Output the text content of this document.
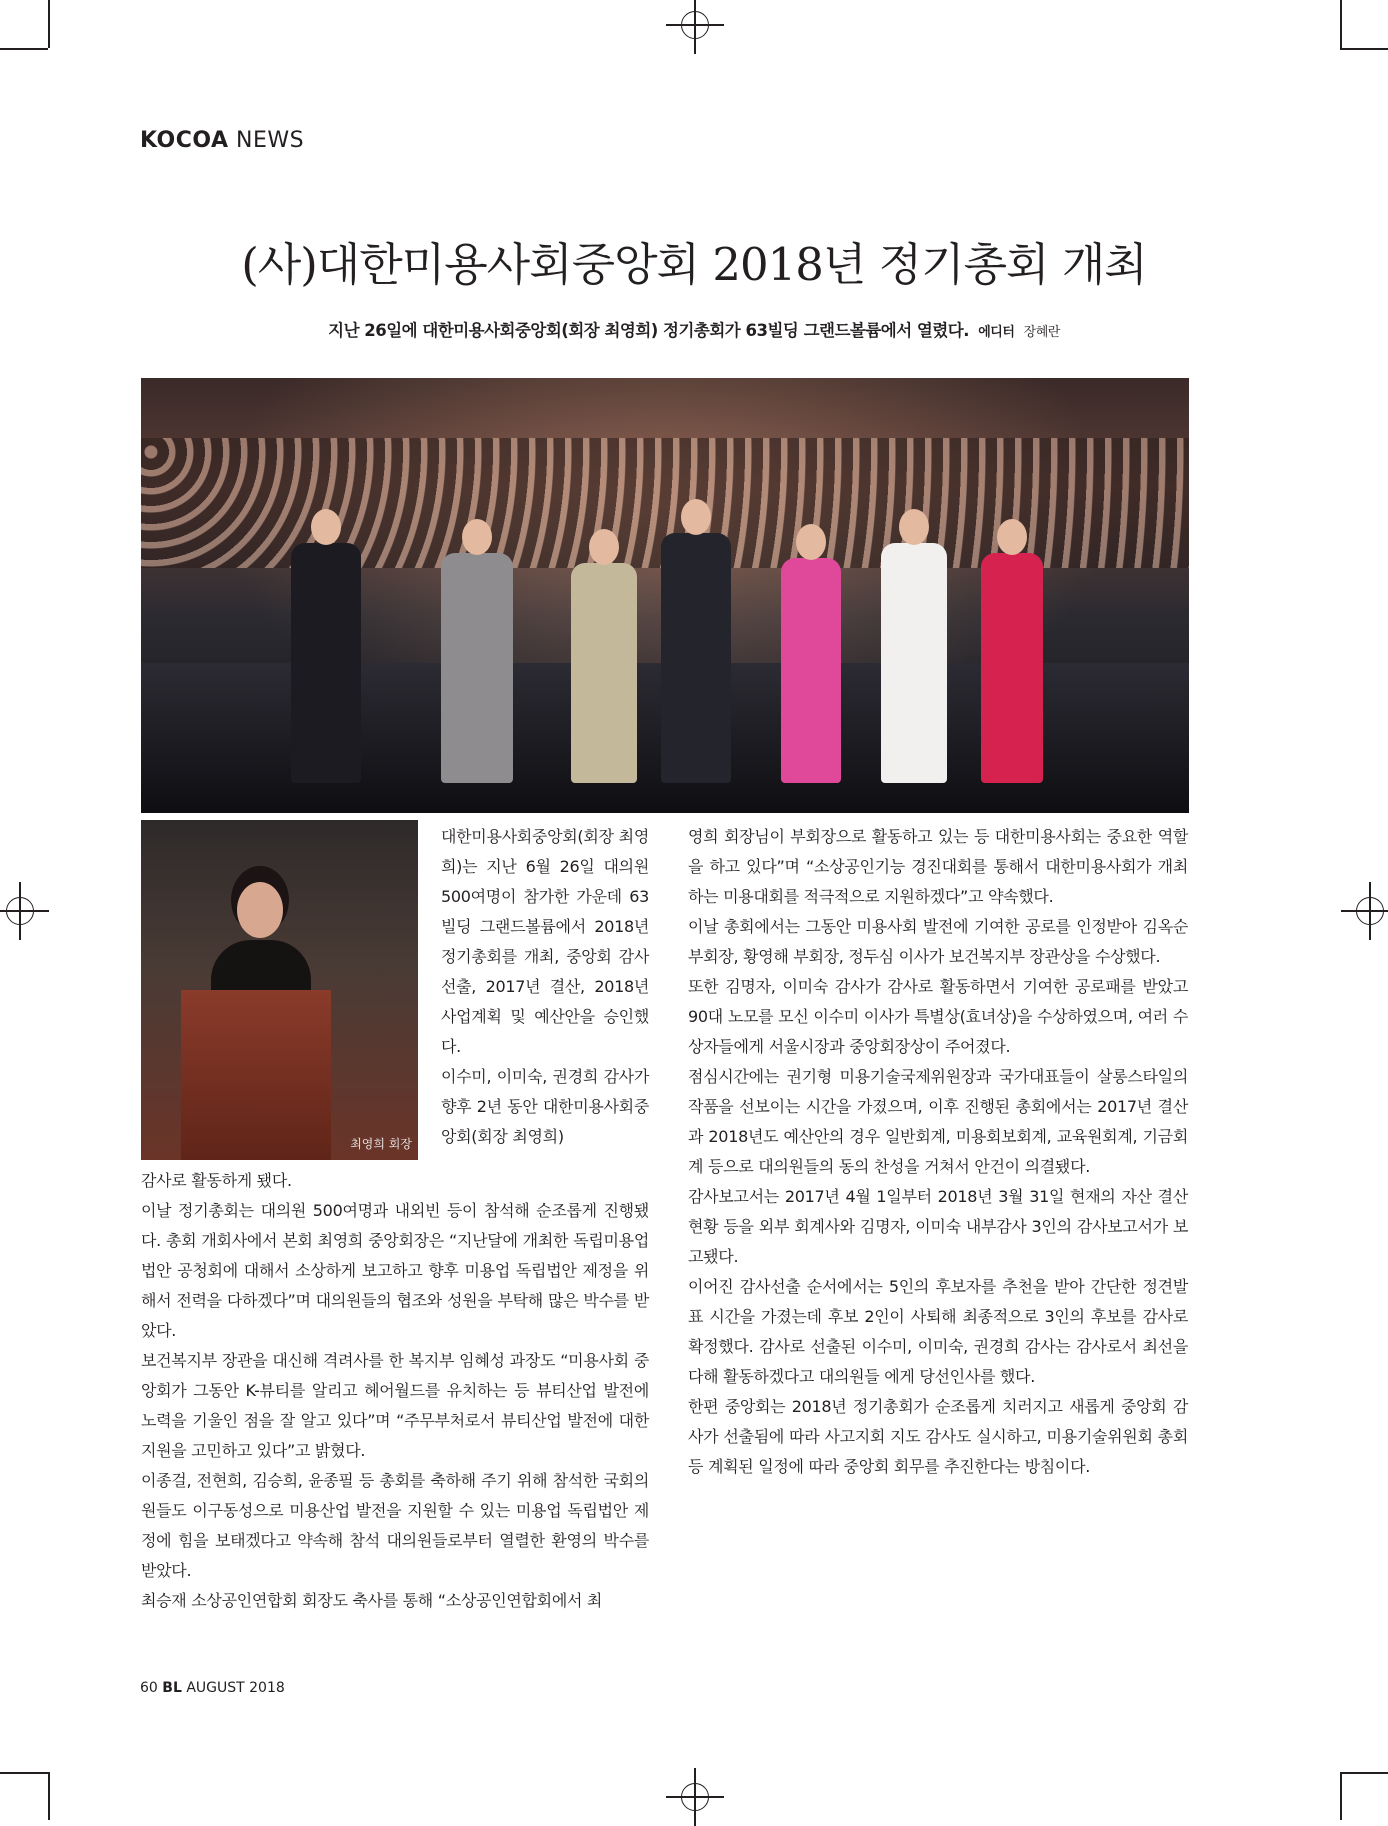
KOCOA NEWS
(사)대한미용사회중앙회 2018년 정기총회 개최
지난 26일에 대한미용사회중앙회(회장 최영희) 정기총회가 63빌딩 그랜드볼륨에서 열렸다. 에디터 장혜란
최영희 회장

대한미용사회중앙회(회장 최영희)는 지난 6월 26일 대의원 500여명이 참가한 가운데 63빌딩 그랜드볼륨에서 2018년 정기총회를 개최, 중앙회 감사 선출, 2017년 결산, 2018년 사업계획 및 예산안을 승인했다.

이수미, 이미숙, 권경희 감사가 향후 2년 동안 대한미용사회중앙회(회장 최영희)

감사로 활동하게 됐다.

이날 정기총회는 대의원 500여명과 내외빈 등이 참석해 순조롭게 진행됐다. 총회 개회사에서 본회 최영희 중앙회장은 “지난달에 개최한 독립미용업 법안 공청회에 대해서 소상하게 보고하고 향후 미용업 독립법안 제정을 위해서 전력을 다하겠다”며 대의원들의 협조와 성원을 부탁해 많은 박수를 받았다.

보건복지부 장관을 대신해 격려사를 한 복지부 임혜성 과장도 “미용사회 중앙회가 그동안 K-뷰티를 알리고 헤어월드를 유치하는 등 뷰티산업 발전에 노력을 기울인 점을 잘 알고 있다”며 “주무부처로서 뷰티산업 발전에 대한 지원을 고민하고 있다”고 밝혔다.

이종걸, 전현희, 김승희, 윤종필 등 총회를 축하해 주기 위해 참석한 국회의원들도 이구동성으로 미용산업 발전을 지원할 수 있는 미용업 독립법안 제정에 힘을 보태겠다고 약속해 참석 대의원들로부터 열렬한 환영의 박수를 받았다.

최승재 소상공인연합회 회장도 축사를 통해 “소상공인연합회에서 최

영희 회장님이 부회장으로 활동하고 있는 등 대한미용사회는 중요한 역할을 하고 있다”며 “소상공인기능 경진대회를 통해서 대한미용사회가 개최하는 미용대회를 적극적으로 지원하겠다”고 약속했다.

이날 총회에서는 그동안 미용사회 발전에 기여한 공로를 인정받아 김옥순 부회장, 황영해 부회장, 정두심 이사가 보건복지부 장관상을 수상했다.

또한 김명자, 이미숙 감사가 감사로 활동하면서 기여한 공로패를 받았고 90대 노모를 모신 이수미 이사가 특별상(효녀상)을 수상하였으며, 여러 수상자들에게 서울시장과 중앙회장상이 주어졌다.

점심시간에는 권기형 미용기술국제위원장과 국가대표들이 살롱스타일의 작품을 선보이는 시간을 가졌으며, 이후 진행된 총회에서는 2017년 결산과 2018년도 예산안의 경우 일반회계, 미용회보회계, 교육원회계, 기금회계 등으로 대의원들의 동의 찬성을 거쳐서 안건이 의결됐다.

감사보고서는 2017년 4월 1일부터 2018년 3월 31일 현재의 자산 결산현황 등을 외부 회계사와 김명자, 이미숙 내부감사 3인의 감사보고서가 보고됐다.

이어진 감사선출 순서에서는 5인의 후보자를 추천을 받아 간단한 정견발표 시간을 가졌는데 후보 2인이 사퇴해 최종적으로 3인의 후보를 감사로 확정했다. 감사로 선출된 이수미, 이미숙, 권경희 감사는 감사로서 최선을 다해 활동하겠다고 대의원들 에게 당선인사를 했다.

한편 중앙회는 2018년 정기총회가 순조롭게 치러지고 새롭게 중앙회 감사가 선출됨에 따라 사고지회 지도 감사도 실시하고, 미용기술위원회 총회 등 계획된 일정에 따라 중앙회 회무를 추진한다는 방침이다.

60 BL AUGUST 2018
